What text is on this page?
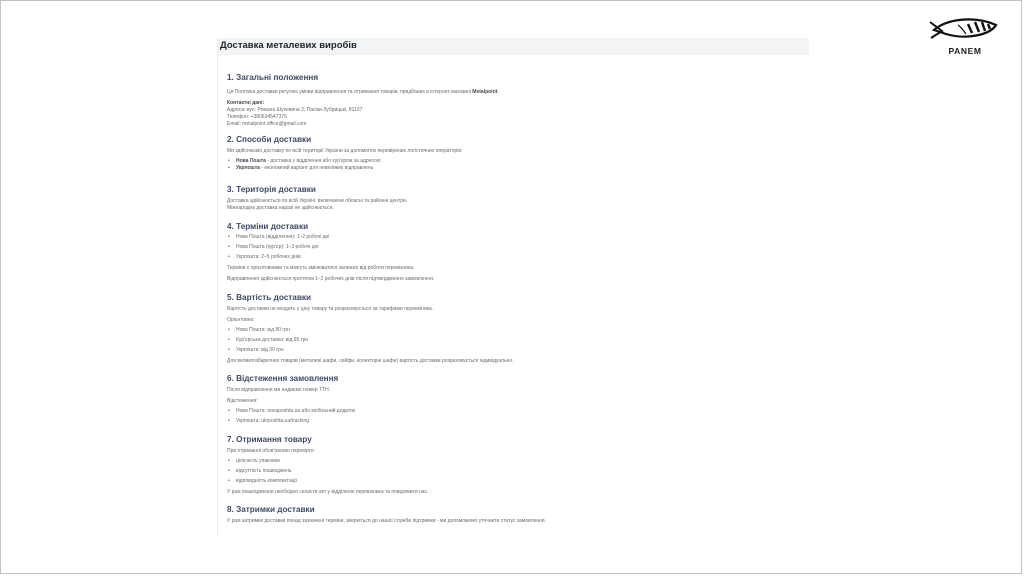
PANEM
Доставка металевих виробів
1. Загальні положення

Ця Політика доставки регулює умови відправлення та отримання товарів, придбаних в інтернет-магазині Metalpoint.

Контактні дані:

Адреса: вул. Романа Шухевича 2, Пасіки-Зубрицькі, 81137

Телефон: +380634547375

Email: metalpoint.office@gmail.com

2. Способи доставки

Ми здійснюємо доставку по всій території України за допомогою перевірених логістичних операторів:

• Нова Пошта - доставка у відділення або кур'єром за адресою
• Укрпошта - економний варіант для невеликих відправлень
3. Територія доставки

Доставка здійснюється по всій Україні, включаючи обласні та районні центри.

Міжнародна доставка наразі не здійснюється.

4. Терміни доставки
• Нова Пошта (відділення): 1–2 робочі дні
• Нова Пошта (кур'єр): 1–3 робочі дні
• Укрпошта: 2–5 робочих днів

Терміни є орієнтовними та можуть змінюватися залежно від роботи перевізника.

Відправлення здійснюється протягом 1–2 робочих днів після підтвердження замовлення.

5. Вартість доставки

Вартість доставки не входить у ціну товару та розраховується за тарифами перевізника.

Орієнтовно:

• Нова Пошта: від 80 грн
• Кур'єрська доставка: від 95 грн
• Укрпошта: від 30 грн

Для великогабаритних товарів (металеві шафи, сейфи, колекторні шафи) вартість доставки розраховується індивідуально.

6. Відстеження замовлення

Після відправлення ми надаємо номер ТТН.

Відстеження:

• Нова Пошта: novaposhta.ua або мобільний додаток
• Укрпошта: ukrposhta.ua/tracking
7. Отримання товару

При отриманні обов'язково перевірте:

• цілісність упаковки
• відсутність пошкоджень
• відповідність комплектації

У разі пошкодження необхідно скласти акт у відділенні перевізника та повідомити нас.

8. Затримки доставки

У разі затримки доставки понад зазначені терміни, зверніться до нашої служби підтримки - ми допоможемо уточнити статус замовлення.
